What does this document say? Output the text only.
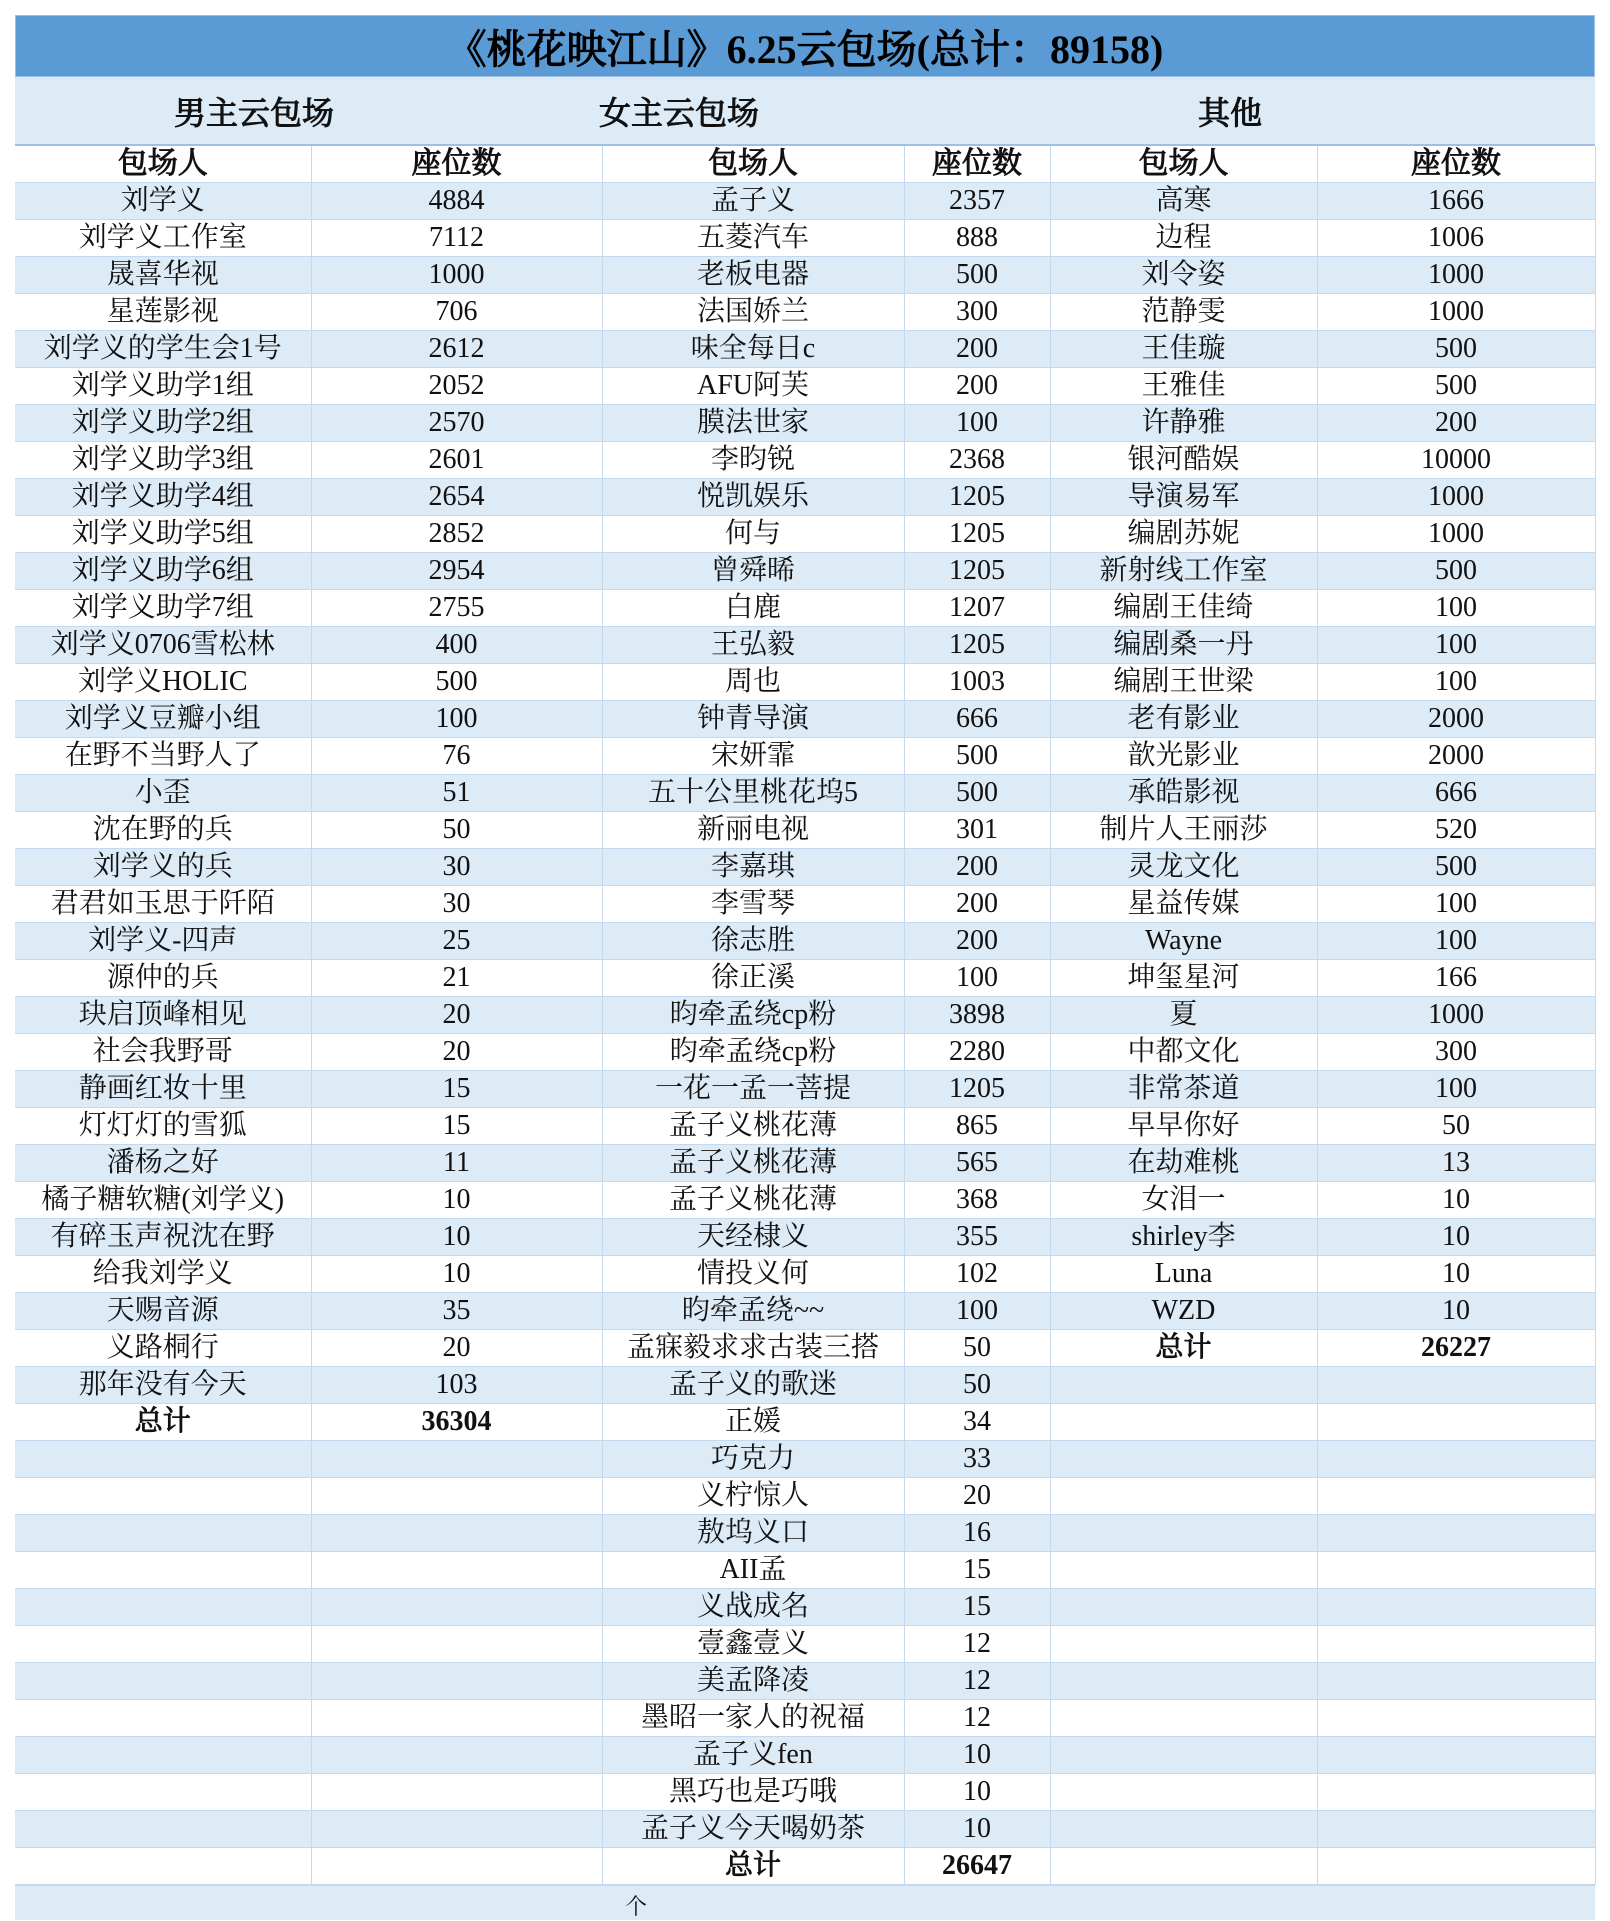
《桃花映江山》6.25云包场(总计：89158)
男主云包场	女主云包场	其他
包场人	座位数	包场人	座位数	包场人	座位数
刘学义	4884	孟子义	2357	高寒	1666
刘学义工作室	7112	五菱汽车	888	边程	1006
晟喜华视	1000	老板电器	500	刘令姿	1000
星莲影视	706	法国娇兰	300	范静雯	1000
刘学义的学生会1号	2612	味全每日c	200	王佳璇	500
刘学义助学1组	2052	AFU阿芙	200	王雅佳	500
刘学义助学2组	2570	膜法世家	100	许静雅	200
刘学义助学3组	2601	李昀锐	2368	银河酷娱	10000
刘学义助学4组	2654	悦凯娱乐	1205	导演易军	1000
刘学义助学5组	2852	何与	1205	编剧苏妮	1000
刘学义助学6组	2954	曾舜晞	1205	新射线工作室	500
刘学义助学7组	2755	白鹿	1207	编剧王佳绮	100
刘学义0706雪松林	400	王弘毅	1205	编剧桑一丹	100
刘学义HOLIC	500	周也	1003	编剧王世梁	100
刘学义豆瓣小组	100	钟青导演	666	老有影业	2000
在野不当野人了	76	宋妍霏	500	歆光影业	2000
小歪	51	五十公里桃花坞5	500	承皓影视	666
沈在野的兵	50	新丽电视	301	制片人王丽莎	520
刘学义的兵	30	李嘉琪	200	灵龙文化	500
君君如玉思于阡陌	30	李雪琴	200	星益传媒	100
刘学义-四声	25	徐志胜	200	Wayne	100
源仲的兵	21	徐正溪	100	坤玺星河	166
玦启顶峰相见	20	昀牵孟绕cp粉	3898	夏	1000
社会我野哥	20	昀牵孟绕cp粉	2280	中都文化	300
静画红妆十里	15	一花一孟一菩提	1205	非常茶道	100
灯灯灯的雪狐	15	孟子义桃花薄	865	早早你好	50
潘杨之好	11	孟子义桃花薄	565	在劫难桃	13
橘子糖软糖(刘学义)	10	孟子义桃花薄	368	女泪一	10
有碎玉声祝沈在野	10	天经棣义	355	shirley李	10
给我刘学义	10	情投义何	102	Luna	10
天赐音源	35	昀牵孟绕~~	100	WZD	10
义路桐行	20	孟寐毅求求古装三搭	50	总计	26227
那年没有今天	103	孟子义的歌迷	50		
总计	36304	正媛	34		
		巧克力	33		
		义柠惊人	20		
		敖坞义口	16		
		AII孟	15		
		义战成名	15		
		壹鑫壹义	12		
		美孟降凌	12		
		墨昭一家人的祝福	12		
		孟子义fen	10		
		黑巧也是巧哦	10		
		孟子义今天喝奶茶	10		
		总计	26647		
个
